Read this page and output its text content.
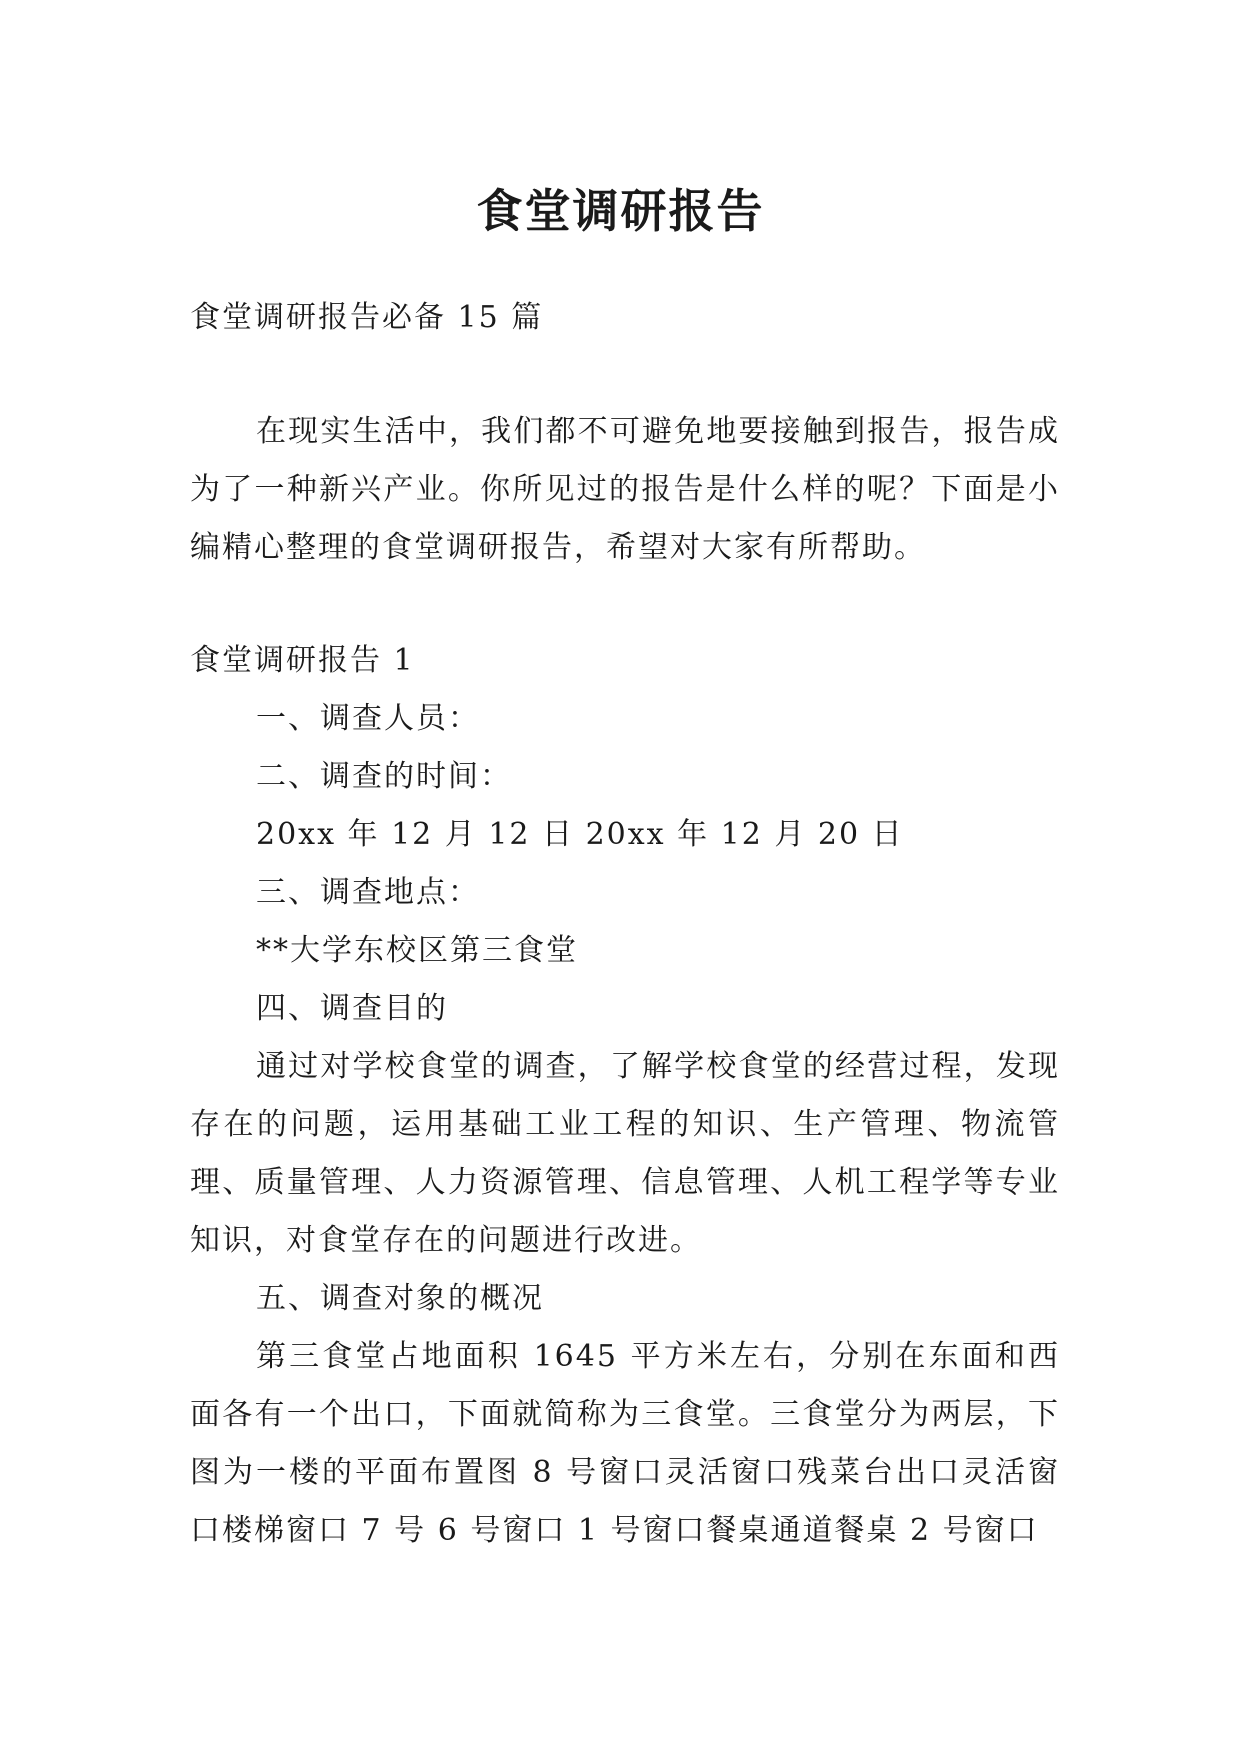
食堂调研报告

食堂调研报告必备 15 篇

在现实生活中，我们都不可避免地要接触到报告，报告成为了一种新兴产业。你所见过的报告是什么样的呢？下面是小编精心整理的食堂调研报告，希望对大家有所帮助。

食堂调研报告 1

一、调查人员：

二、调查的时间：

20xx 年 12 月 12 日 20xx 年 12 月 20 日

三、调查地点：

**大学东校区第三食堂

四、调查目的

通过对学校食堂的调查，了解学校食堂的经营过程，发现存在的问题，运用基础工业工程的知识、生产管理、物流管理、质量管理、人力资源管理、信息管理、人机工程学等专业知识，对食堂存在的问题进行改进。

五、调查对象的概况

第三食堂占地面积 1645 平方米左右，分别在东面和西面各有一个出口，下面就简称为三食堂。三食堂分为两层，下图为一楼的平面布置图 8 号窗口灵活窗口残菜台出口灵活窗口楼梯窗口 7 号 6 号窗口 1 号窗口餐桌通道餐桌 2 号窗口
